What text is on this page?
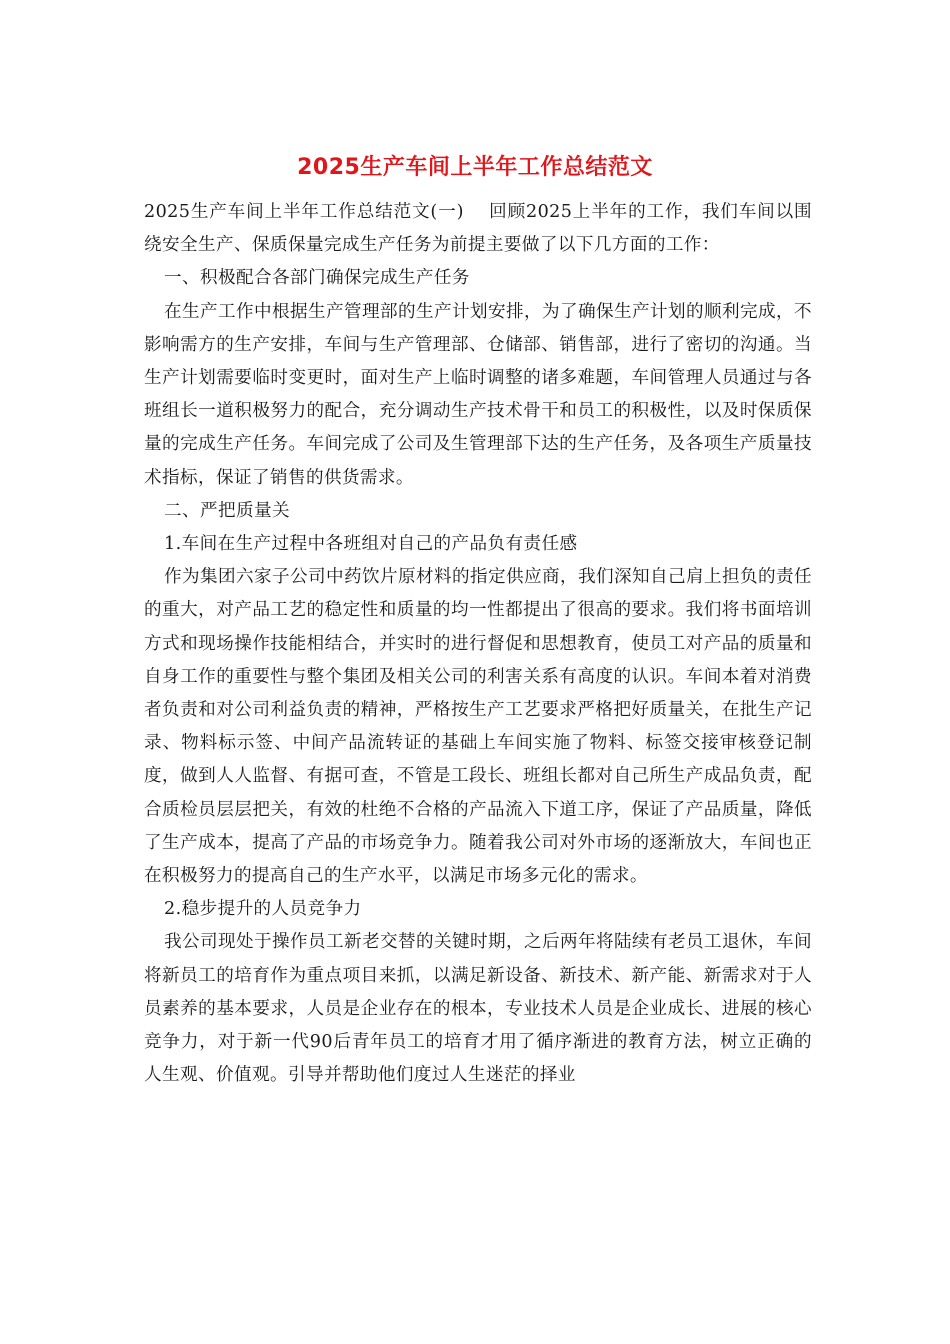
2025生产车间上半年工作总结范文

2025生产车间上半年工作总结范文(一)　 回顾2025上半年的工作，我们车间以围绕安全生产、保质保量完成生产任务为前提主要做了以下几方面的工作：

一、积极配合各部门确保完成生产任务

在生产工作中根据生产管理部的生产计划安排，为了确保生产计划的顺利完成，不影响需方的生产安排，车间与生产管理部、仓储部、销售部，进行了密切的沟通。当生产计划需要临时变更时，面对生产上临时调整的诸多难题，车间管理人员通过与各班组长一道积极努力的配合，充分调动生产技术骨干和员工的积极性，以及时保质保量的完成生产任务。车间完成了公司及生管理部下达的生产任务，及各项生产质量技术指标，保证了销售的供货需求。

二、严把质量关

1.车间在生产过程中各班组对自己的产品负有责任感

作为集团六家子公司中药饮片原材料的指定供应商，我们深知自己肩上担负的责任的重大，对产品工艺的稳定性和质量的均一性都提出了很高的要求。我们将书面培训方式和现场操作技能相结合，并实时的进行督促和思想教育，使员工对产品的质量和自身工作的重要性与整个集团及相关公司的利害关系有高度的认识。车间本着对消费者负责和对公司利益负责的精神，严格按生产工艺要求严格把好质量关，在批生产记录、物料标示签、中间产品流转证的基础上车间实施了物料、标签交接审核登记制度，做到人人监督、有据可查，不管是工段长、班组长都对自己所生产成品负责，配合质检员层层把关，有效的杜绝不合格的产品流入下道工序，保证了产品质量，降低了生产成本，提高了产品的市场竞争力。随着我公司对外市场的逐渐放大，车间也正在积极努力的提高自己的生产水平，以满足市场多元化的需求。

2.稳步提升的人员竞争力

我公司现处于操作员工新老交替的关键时期，之后两年将陆续有老员工退休，车间将新员工的培育作为重点项目来抓，以满足新设备、新技术、新产能、新需求对于人员素养的基本要求，人员是企业存在的根本，专业技术人员是企业成长、进展的核心竞争力，对于新一代90后青年员工的培育才用了循序渐进的教育方法，树立正确的人生观、价值观。引导并帮助他们度过人生迷茫的择业
